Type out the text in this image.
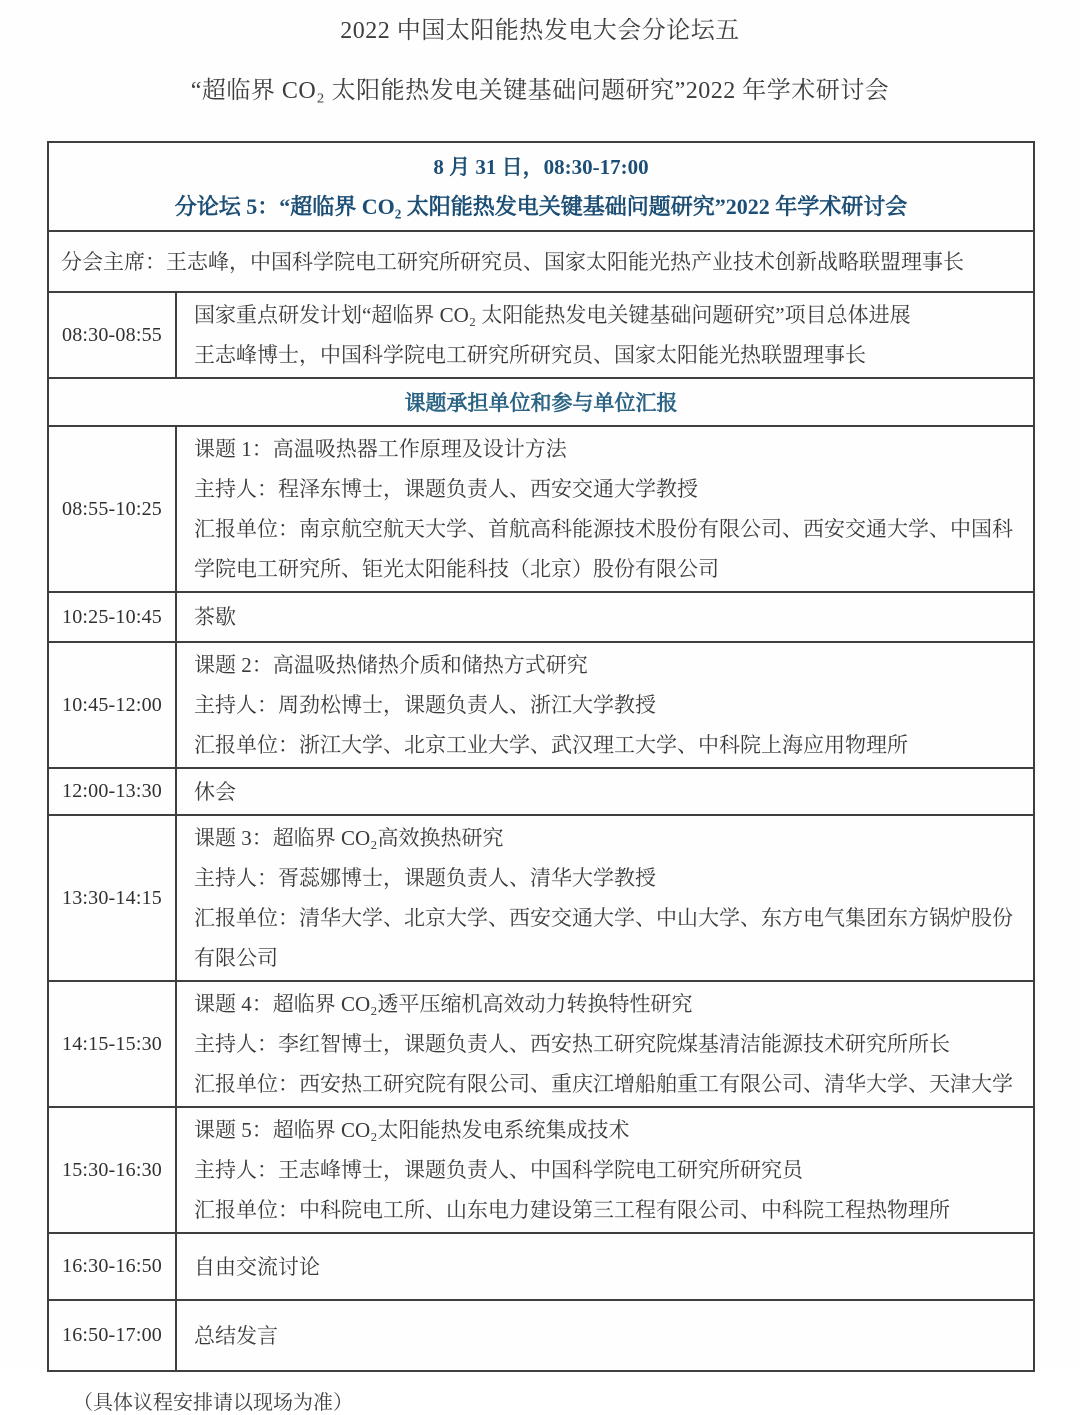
2022 中国太阳能热发电大会分论坛五
“超临界 CO₂ 太阳能热发电关键基础问题研究”2022 年学术研讨会
8 月 31 日，08:30-17:00
分论坛 5：“超临界 CO₂ 太阳能热发电关键基础问题研究”2022 年学术研讨会
分会主席：王志峰，中国科学院电工研究所研究员、国家太阳能光热产业技术创新战略联盟理事长
08:30-08:55
国家重点研发计划“超临界 CO₂ 太阳能热发电关键基础问题研究”项目总体进展
王志峰博士，中国科学院电工研究所研究员、国家太阳能光热联盟理事长
课题承担单位和参与单位汇报
08:55-10:25
课题 1：高温吸热器工作原理及设计方法
主持人：程泽东博士，课题负责人、西安交通大学教授
汇报单位：南京航空航天大学、首航高科能源技术股份有限公司、西安交通大学、中国科学院电工研究所、钜光太阳能科技（北京）股份有限公司
10:25-10:45	茶歇
10:45-12:00
课题 2：高温吸热储热介质和储热方式研究
主持人：周劲松博士，课题负责人、浙江大学教授
汇报单位：浙江大学、北京工业大学、武汉理工大学、中科院上海应用物理所
12:00-13:30	休会
13:30-14:15
课题 3：超临界 CO₂高效换热研究
主持人：胥蕊娜博士，课题负责人、清华大学教授
汇报单位：清华大学、北京大学、西安交通大学、中山大学、东方电气集团东方锅炉股份有限公司
14:15-15:30
课题 4：超临界 CO₂透平压缩机高效动力转换特性研究
主持人：李红智博士，课题负责人、西安热工研究院煤基清洁能源技术研究所所长
汇报单位：西安热工研究院有限公司、重庆江增船舶重工有限公司、清华大学、天津大学
15:30-16:30
课题 5：超临界 CO₂太阳能热发电系统集成技术
主持人：王志峰博士，课题负责人、中国科学院电工研究所研究员
汇报单位：中科院电工所、山东电力建设第三工程有限公司、中科院工程热物理所
16:30-16:50	自由交流讨论
16:50-17:00	总结发言
（具体议程安排请以现场为准）
